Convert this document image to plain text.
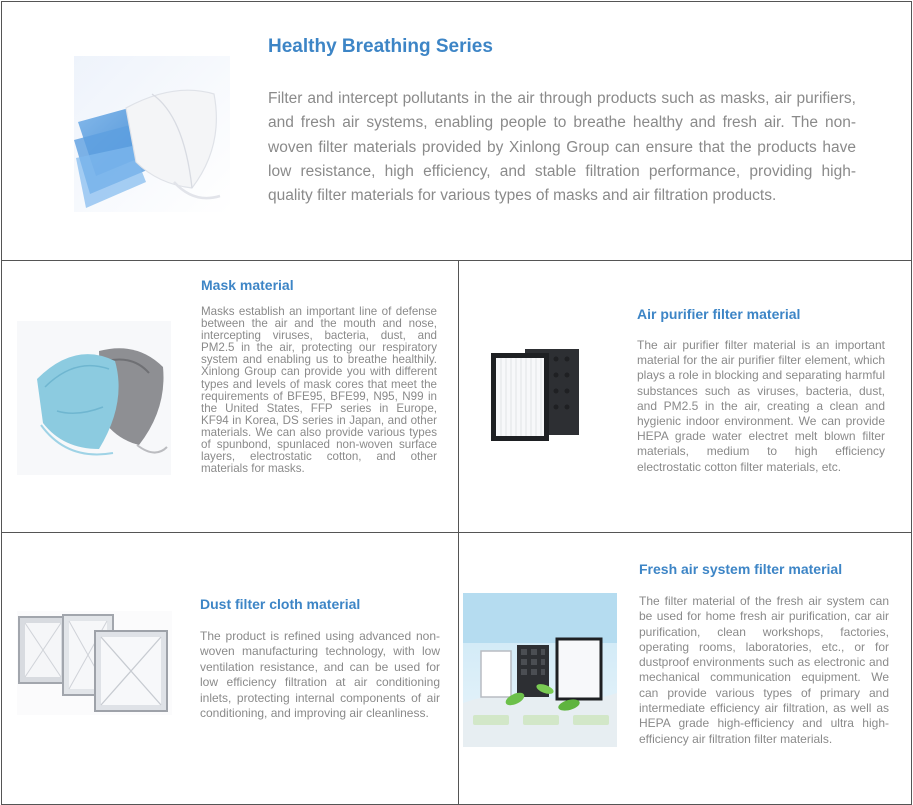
Healthy Breathing Series

Filter and intercept pollutants in the air through products such as masks, air purifiers, and fresh air systems, enabling people to breathe healthy and fresh air. The non-woven filter materials provided by Xinlong Group can ensure that the products have low resistance, high efficiency, and stable filtration performance, providing high-quality filter materials for various types of masks and air filtration products.

Mask material

Masks establish an important line of defense between the air and the mouth and nose, intercepting viruses, bacteria, dust, and PM2.5 in the air, protecting our respiratory system and enabling us to breathe healthily. Xinlong Group can provide you with different types and levels of mask cores that meet the requirements of BFE95, BFE99, N95, N99 in the United States, FFP series in Europe, KF94 in Korea, DS series in Japan, and other materials. We can also provide various types of spunbond, spunlaced non-woven surface layers, electrostatic cotton, and other materials for masks.

Air purifier filter material

The air purifier filter material is an important material for the air purifier filter element, which plays a role in blocking and separating harmful substances such as viruses, bacteria, dust, and PM2.5 in the air, creating a clean and hygienic indoor environment. We can provide HEPA grade water electret melt blown filter materials, medium to high efficiency electrostatic cotton filter materials, etc.

Dust filter cloth material

The product is refined using advanced non-woven manufacturing technology, with low ventilation resistance, and can be used for low efficiency filtration at air conditioning inlets, protecting internal components of air conditioning, and improving air cleanliness.

Fresh air system filter material

The filter material of the fresh air system can be used for home fresh air purification, car air purification, clean workshops, factories, operating rooms, laboratories, etc., or for dustproof environments such as electronic and mechanical communication equipment. We can provide various types of primary and intermediate efficiency air filtration, as well as HEPA grade high-efficiency and ultra high-efficiency air filtration filter materials.
